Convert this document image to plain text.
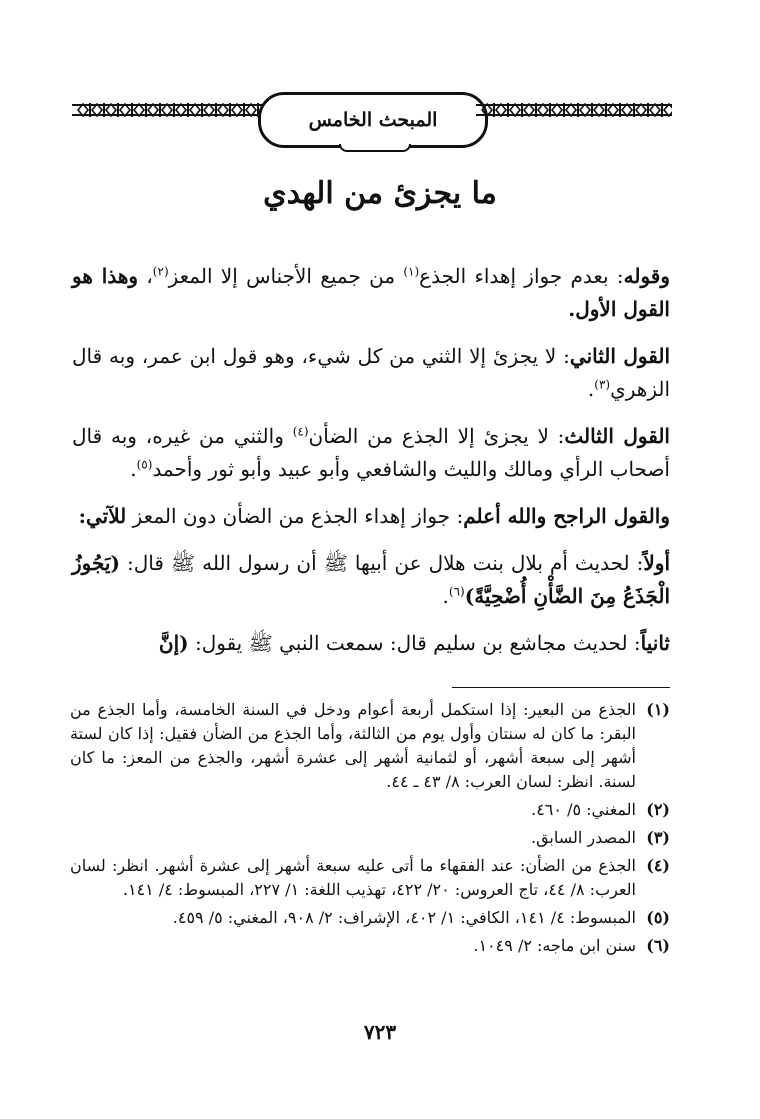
المبحث الخامس
ما يجزئ من الهدي

وقوله: بعدم جواز إهداء الجذع$^{(١)}$ من جميع الأجناس إلا المعز$^{(٢)}$، وهذا هو القول الأول.

القول الثاني: لا يجزئ إلا الثني من كل شيء، وهو قول ابن عمر، وبه قال الزهري$^{(٣)}$.

القول الثالث: لا يجزئ إلا الجذع من الضأن$^{(٤)}$ والثني من غيره، وبه قال أصحاب الرأي ومالك والليث والشافعي وأبو عبيد وأبو ثور وأحمد$^{(٥)}$.

والقول الراجح والله أعلم: جواز إهداء الجذع من الضأن دون المعز للآتي:

أولاً: لحديث أم بلال بنت هلال عن أبيها ﷺ أن رسول الله ﷺ قال: (يَجُوزُ الْجَذَعُ مِنَ الضَّأْنِ أُضْحِيَّةً)$^{(٦)}$.

ثانياً: لحديث مجاشع بن سليم قال: سمعت النبي ﷺ يقول: (إنَّ

(١)
الجذع من البعير: إذا استكمل أربعة أعوام ودخل في السنة الخامسة، وأما الجذع من البقر: ما كان له سنتان وأول يوم من الثالثة، وأما الجذع من الضأن فقيل: إذا كان لستة أشهر إلى سبعة أشهر، أو لثمانية أشهر إلى عشرة أشهر، والجذع من المعز: ما كان لسنة. انظر: لسان العرب: ٨/ ٤٣ ـ ٤٤.
(٢)
المغني: ٥/ ٤٦٠.
(٣)
المصدر السابق.
(٤)
الجذع من الضأن: عند الفقهاء ما أتى عليه سبعة أشهر إلى عشرة أشهر. انظر: لسان العرب: ٨/ ٤٤، تاج العروس: ٢٠/ ٤٢٢، تهذيب اللغة: ١/ ٢٢٧، المبسوط: ٤/ ١٤١.
(٥)
المبسوط: ٤/ ١٤١، الكافي: ١/ ٤٠٢، الإشراف: ٢/ ٩٠٨، المغني: ٥/ ٤٥٩.
(٦)
سنن ابن ماجه: ٢/ ١٠٤٩.
٧٢٣
